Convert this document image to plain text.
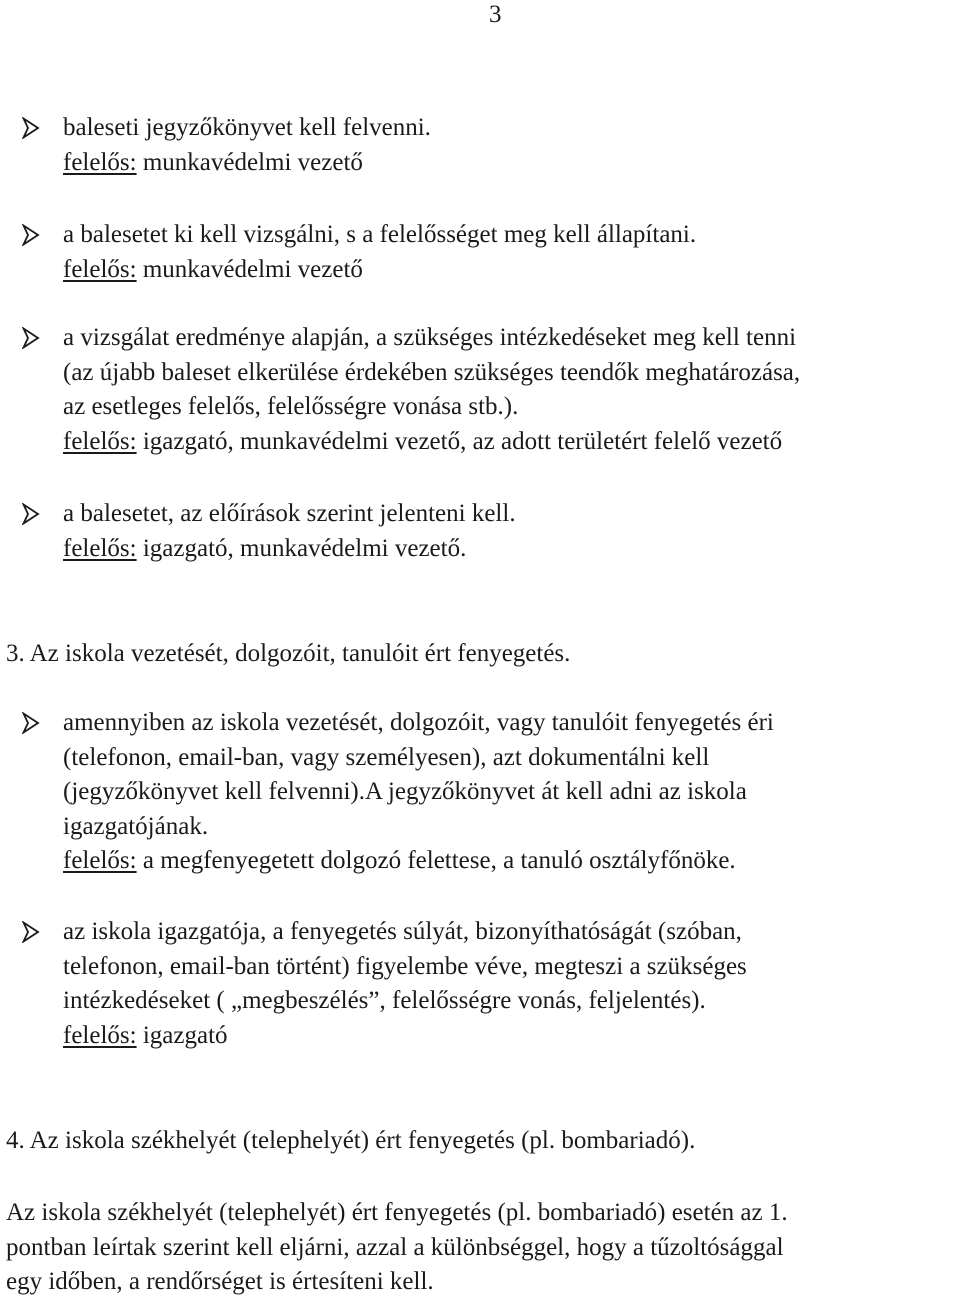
3
baleseti jegyzőkönyvet kell felvenni.
felelős: munkavédelmi vezető
a balesetet ki kell vizsgálni, s a felelősséget meg kell állapítani.
felelős: munkavédelmi vezető
a vizsgálat eredménye alapján, a szükséges intézkedéseket meg kell tenni
(az újabb baleset elkerülése érdekében szükséges teendők meghatározása,
az esetleges felelős, felelősségre vonása stb.).
felelős: igazgató, munkavédelmi vezető, az adott területért felelő vezető
a balesetet, az előírások szerint jelenteni kell.
felelős: igazgató, munkavédelmi vezető.
3. Az iskola vezetését, dolgozóit, tanulóit ért fenyegetés.
amennyiben az iskola vezetését, dolgozóit, vagy tanulóit fenyegetés éri
(telefonon, email-ban, vagy személyesen), azt dokumentálni kell
(jegyzőkönyvet kell felvenni).A jegyzőkönyvet át kell adni az iskola
igazgatójának.
felelős: a megfenyegetett dolgozó felettese, a tanuló osztályfőnöke.
az iskola igazgatója, a fenyegetés súlyát, bizonyíthatóságát (szóban,
telefonon, email-ban történt) figyelembe véve, megteszi a szükséges
intézkedéseket ( „megbeszélés”, felelősségre vonás, feljelentés).
felelős: igazgató
4. Az iskola székhelyét (telephelyét) ért fenyegetés (pl. bombariadó).
Az iskola székhelyét (telephelyét) ért fenyegetés (pl. bombariadó) esetén az 1.
pontban leírtak szerint kell eljárni, azzal a különbséggel, hogy a tűzoltósággal
egy időben, a rendőrséget is értesíteni kell.
